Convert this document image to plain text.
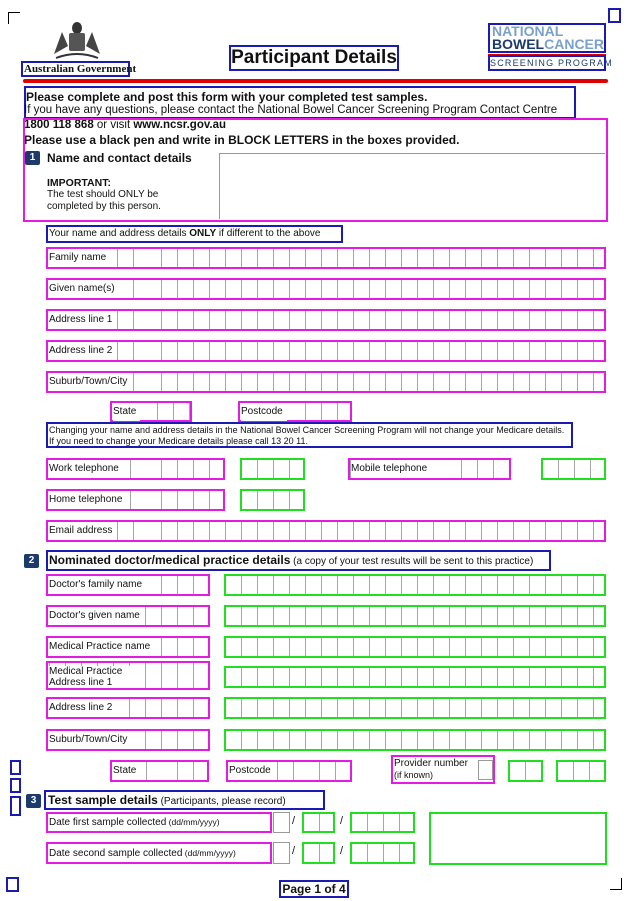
Australian Government
Participant Details
NATIONAL
BOWELCANCER
SCREENING PROGRAM
Please complete and post this form with your completed test samples.
If you have any questions, please contact the National Bowel Cancer Screening Program Contact Centre
1800 118 868 or visit www.ncsr.gov.au
Please use a black pen and write in BLOCK LETTERS in the boxes provided.
1 Name and contact details
IMPORTANT:
The test should ONLY be completed by this person.
Your name and address details ONLY if different to the above
Family name
Given name(s)
Address line 1
Address line 2
Suburb/Town/City
State	Postcode
Changing your name and address details in the National Bowel Cancer Screening Program will not change your Medicare details. If you need to change your Medicare details please call 13 20 11.
Work telephone	Mobile telephone
Home telephone
Email address
2	Nominated doctor/medical practice details (a copy of your test results will be sent to this practice)
Doctor's family name
Doctor's given name
Medical Practice name
Medical Practice Address line 1
Address line 2
Suburb/Town/City
State	Postcode
Provider number
(if known)
3 Test sample details (Participants, please record)
Date first sample collected (dd/mm/yyyy)	/	/
Date second sample collected (dd/mm/yyyy)	/	/
Page 1 of 4
